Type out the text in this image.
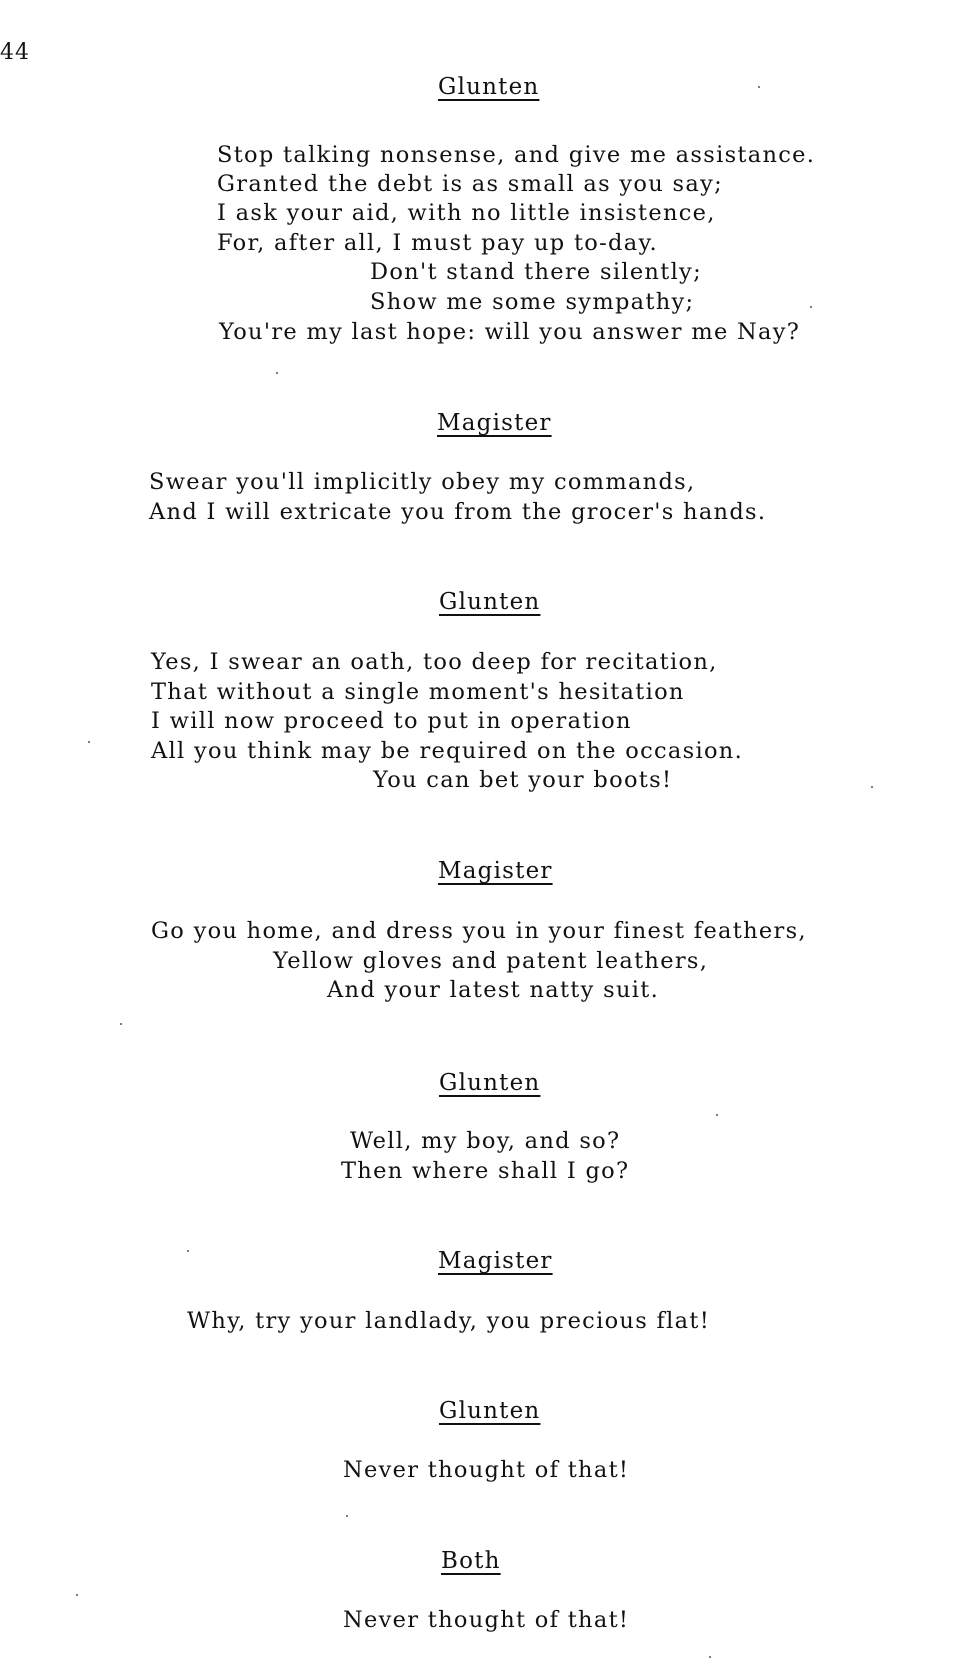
44
Glunten
Stop talking nonsense, and give me assistance.
Granted the debt is as small as you say;
I ask your aid, with no little insistence,
For, after all, I must pay up to-day.
Don't stand there silently;
Show me some sympathy;
You're my last hope: will you answer me Nay?
Magister
Swear you'll implicitly obey my commands,
And I will extricate you from the grocer's hands.
Glunten
Yes, I swear an oath, too deep for recitation,
That without a single moment's hesitation
I will now proceed to put in operation
All you think may be required on the occasion.
You can bet your boots!
Magister
Go you home, and dress you in your finest feathers,
Yellow gloves and patent leathers,
And your latest natty suit.
Glunten
Well, my boy, and so?
Then where shall I go?
Magister
Why, try your landlady, you precious flat!
Glunten
Never thought of that!
Both
Never thought of that!
